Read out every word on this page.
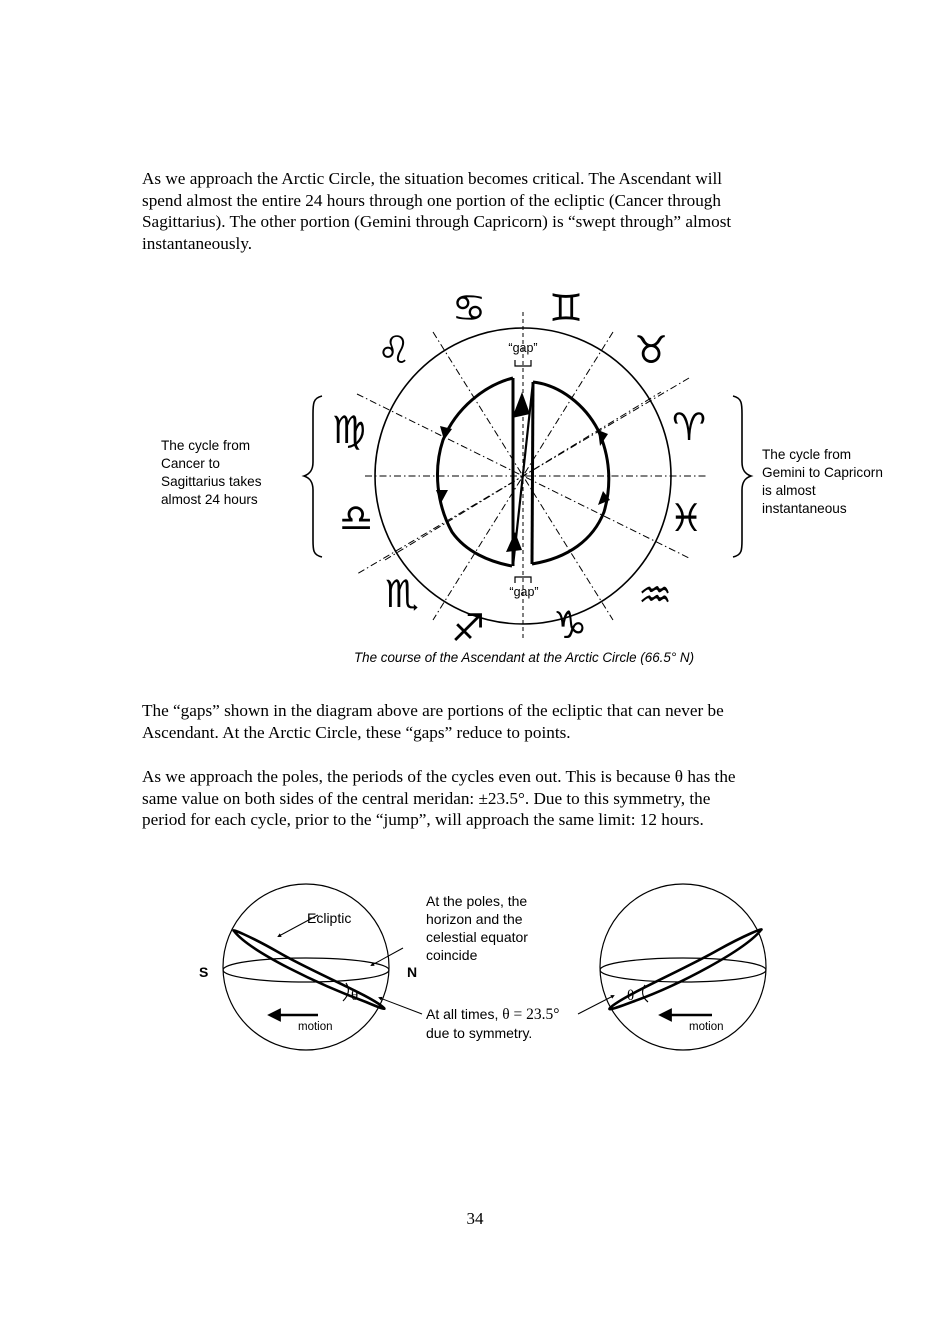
As we approach the Arctic Circle, the situation becomes critical. The Ascendant will

spend almost the entire 24 hours through one portion of the ecliptic (Cancer through

Sagittarius). The other portion (Gemini through Capricorn) is “swept through” almost

instantaneously.

♋ ♊
♉
♈
♓
♒
♑
♐
♏
♎
♍
♌	“gap”
“gap”
Ecliptic
S	N
θ	θ
motion	motion
At the poles, the
horizon and the
celestial equator
coincide
At all times, θ = 23.5°
due to symmetry.
The cycle from
Cancer to
Sagittarius takes
almost 24 hours
The cycle from
Gemini to Capricorn
is almost
instantaneous
The course of the Ascendant at the Arctic Circle (66.5° N)

The “gaps” shown in the diagram above are portions of the ecliptic that can never be

Ascendant. At the Arctic Circle, these “gaps” reduce to points.

As we approach the poles, the periods of the cycles even out. This is because θ has the

same value on both sides of the central meridan: ±23.5°. Due to this symmetry, the

period for each cycle, prior to the “jump”, will approach the same limit: 12 hours.

34
